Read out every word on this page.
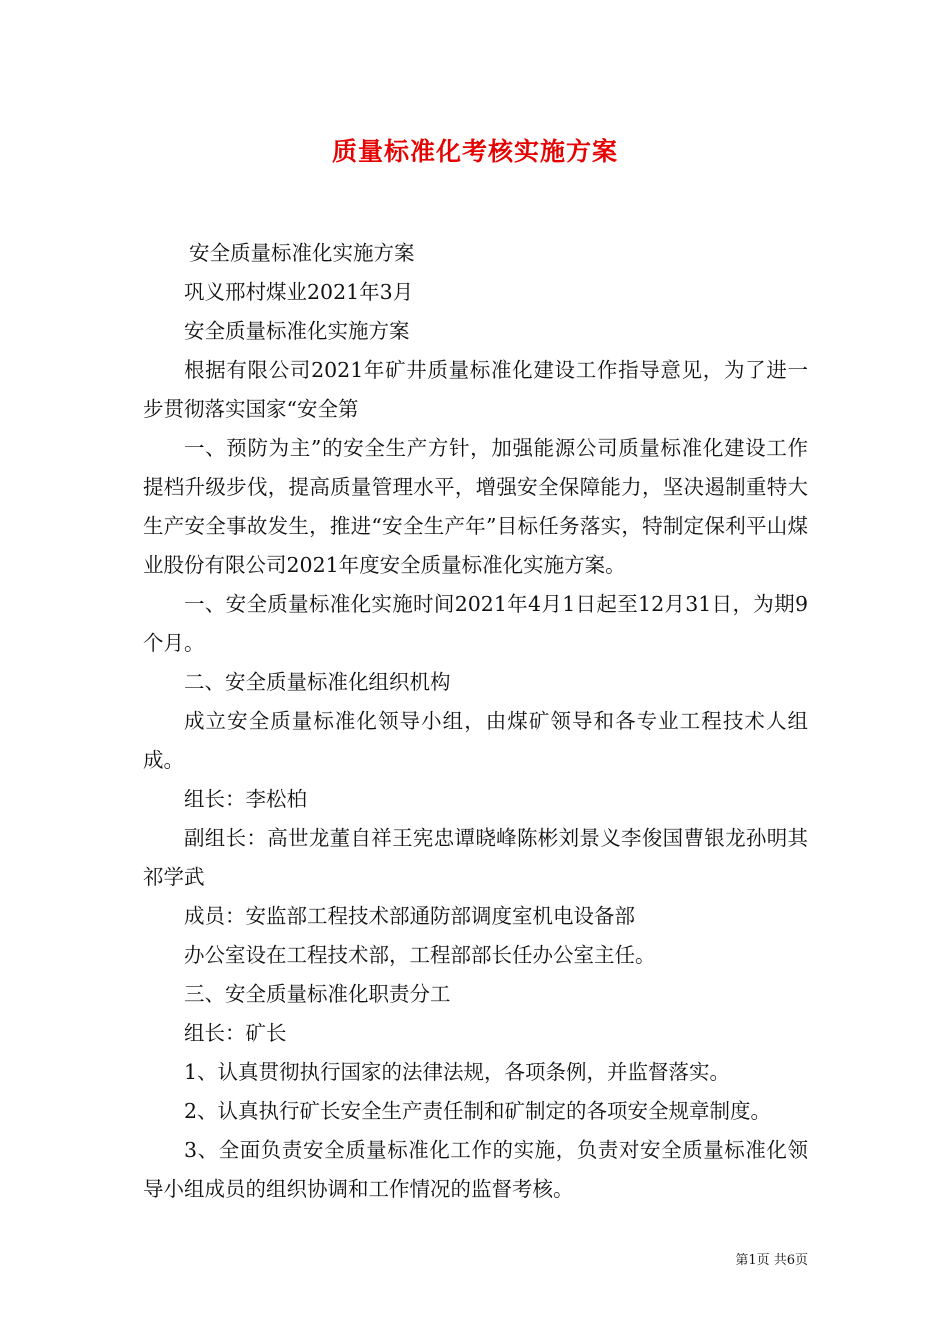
质量标准化考核实施方案

安全质量标准化实施方案

巩义邢村煤业2021年3月

安全质量标准化实施方案

根据有限公司2021年矿井质量标准化建设工作指导意见，为了进一步贯彻落实国家“安全第

一、预防为主”的安全生产方针，加强能源公司质量标准化建设工作提档升级步伐，提高质量管理水平，增强安全保障能力，坚决遏制重特大生产安全事故发生，推进“安全生产年”目标任务落实，特制定保利平山煤业股份有限公司2021年度安全质量标准化实施方案。

一、安全质量标准化实施时间2021年4月1日起至12月31日，为期9个月。

二、安全质量标准化组织机构

成立安全质量标准化领导小组，由煤矿领导和各专业工程技术人组成。

组长：李松柏

副组长：高世龙董自祥王宪忠谭晓峰陈彬刘景义李俊国曹银龙孙明其祁学武

成员：安监部工程技术部通防部调度室机电设备部

办公室设在工程技术部，工程部部长任办公室主任。

三、安全质量标准化职责分工

组长：矿长

1、认真贯彻执行国家的法律法规，各项条例，并监督落实。

2、认真执行矿长安全生产责任制和矿制定的各项安全规章制度。

3、全面负责安全质量标准化工作的实施，负责对安全质量标准化领导小组成员的组织协调和工作情况的监督考核。

第1页 共6页
